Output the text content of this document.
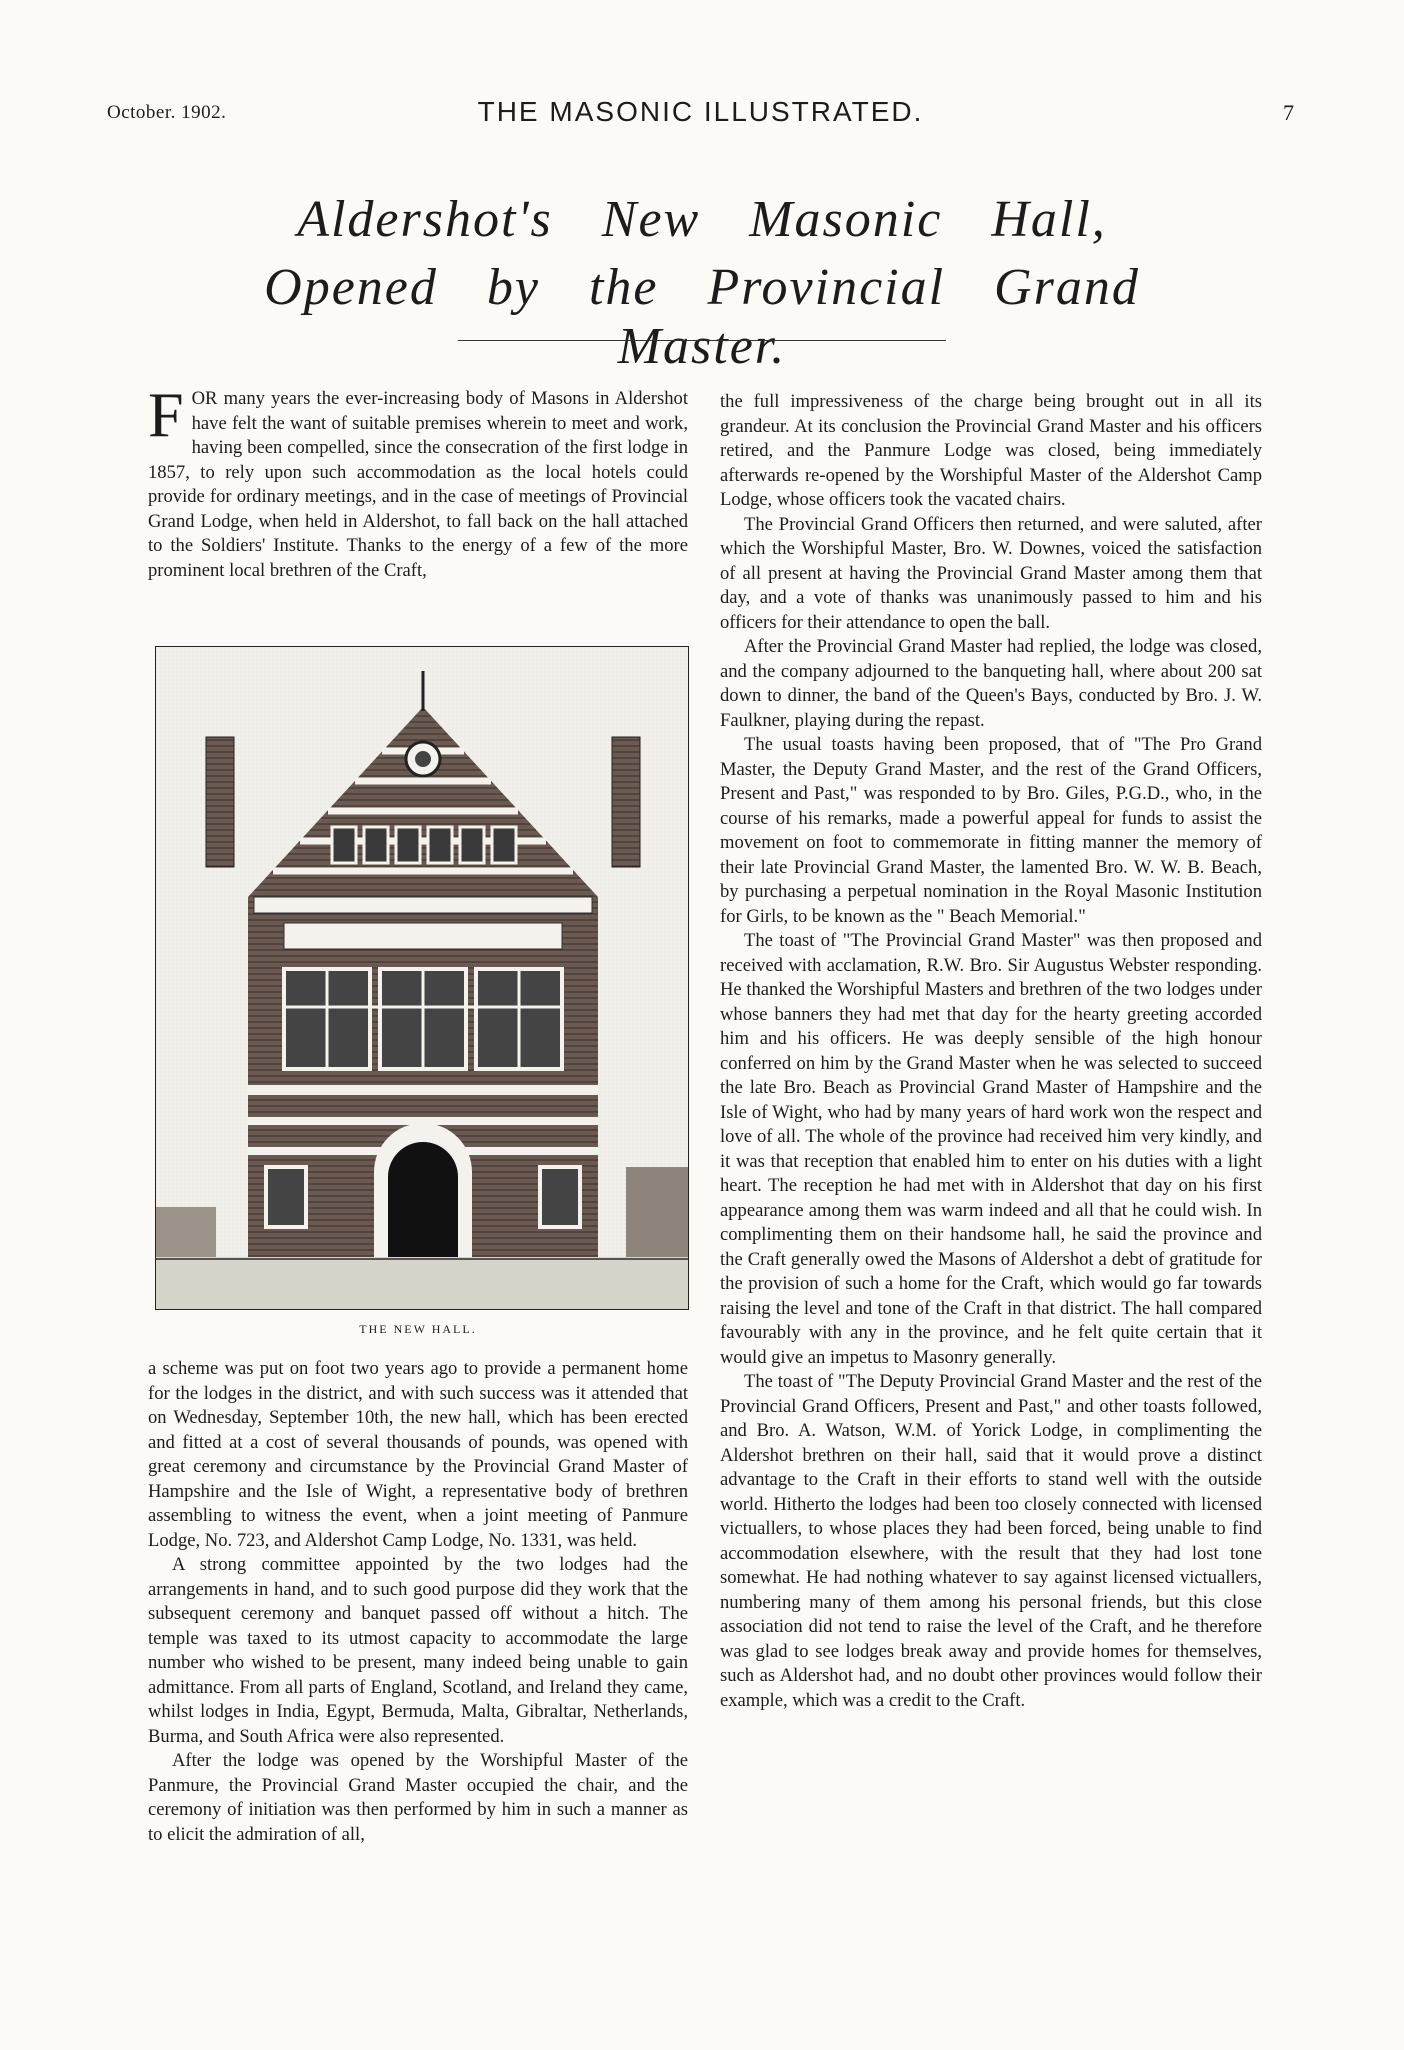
October. 1902.	THE MASONIC ILLUSTRATED.	7
Aldershot's New Masonic Hall,
Opened by the Provincial Grand Master.

FOR many years the ever-increasing body of Masons in Aldershot have felt the want of suitable premises wherein to meet and work, having been compelled, since the consecration of the first lodge in 1857, to rely upon such accommodation as the local hotels could provide for ordinary meetings, and in the case of meetings of Provincial Grand Lodge, when held in Aldershot, to fall back on the hall attached to the Soldiers' Institute. Thanks to the energy of a few of the more prominent local brethren of the Craft,

THE NEW HALL.

a scheme was put on foot two years ago to provide a permanent home for the lodges in the district, and with such success was it attended that on Wednesday, September 10th, the new hall, which has been erected and fitted at a cost of several thousands of pounds, was opened with great ceremony and circumstance by the Provincial Grand Master of Hampshire and the Isle of Wight, a representative body of brethren assembling to witness the event, when a joint meeting of Panmure Lodge, No. 723, and Aldershot Camp Lodge, No. 1331, was held.

A strong committee appointed by the two lodges had the arrangements in hand, and to such good purpose did they work that the subsequent ceremony and banquet passed off without a hitch. The temple was taxed to its utmost capacity to accommodate the large number who wished to be present, many indeed being unable to gain admittance. From all parts of England, Scotland, and Ireland they came, whilst lodges in India, Egypt, Bermuda, Malta, Gibraltar, Netherlands, Burma, and South Africa were also represented.

After the lodge was opened by the Worshipful Master of the Panmure, the Provincial Grand Master occupied the chair, and the ceremony of initiation was then performed by him in such a manner as to elicit the admiration of all,

the full impressiveness of the charge being brought out in all its grandeur. At its conclusion the Provincial Grand Master and his officers retired, and the Panmure Lodge was closed, being immediately afterwards re-opened by the Worshipful Master of the Aldershot Camp Lodge, whose officers took the vacated chairs.

The Provincial Grand Officers then returned, and were saluted, after which the Worshipful Master, Bro. W. Downes, voiced the satisfaction of all present at having the Provincial Grand Master among them that day, and a vote of thanks was unanimously passed to him and his officers for their attendance to open the ball.

After the Provincial Grand Master had replied, the lodge was closed, and the company adjourned to the banqueting hall, where about 200 sat down to dinner, the band of the Queen's Bays, conducted by Bro. J. W. Faulkner, playing during the repast.

The usual toasts having been proposed, that of "The Pro Grand Master, the Deputy Grand Master, and the rest of the Grand Officers, Present and Past," was responded to by Bro. Giles, P.G.D., who, in the course of his remarks, made a powerful appeal for funds to assist the movement on foot to commemorate in fitting manner the memory of their late Provincial Grand Master, the lamented Bro. W. W. B. Beach, by purchasing a perpetual nomination in the Royal Masonic Institution for Girls, to be known as the " Beach Memorial."

The toast of "The Provincial Grand Master" was then proposed and received with acclamation, R.W. Bro. Sir Augustus Webster responding. He thanked the Worshipful Masters and brethren of the two lodges under whose banners they had met that day for the hearty greeting accorded him and his officers. He was deeply sensible of the high honour conferred on him by the Grand Master when he was selected to succeed the late Bro. Beach as Provincial Grand Master of Hampshire and the Isle of Wight, who had by many years of hard work won the respect and love of all. The whole of the province had received him very kindly, and it was that reception that enabled him to enter on his duties with a light heart. The reception he had met with in Aldershot that day on his first appearance among them was warm indeed and all that he could wish. In complimenting them on their handsome hall, he said the province and the Craft generally owed the Masons of Aldershot a debt of gratitude for the provision of such a home for the Craft, which would go far towards raising the level and tone of the Craft in that district. The hall compared favourably with any in the province, and he felt quite certain that it would give an impetus to Masonry generally.

The toast of "The Deputy Provincial Grand Master and the rest of the Provincial Grand Officers, Present and Past," and other toasts followed, and Bro. A. Watson, W.M. of Yorick Lodge, in complimenting the Aldershot brethren on their hall, said that it would prove a distinct advantage to the Craft in their efforts to stand well with the outside world. Hitherto the lodges had been too closely connected with licensed victuallers, to whose places they had been forced, being unable to find accommodation elsewhere, with the result that they had lost tone somewhat. He had nothing whatever to say against licensed victuallers, numbering many of them among his personal friends, but this close association did not tend to raise the level of the Craft, and he therefore was glad to see lodges break away and provide homes for themselves, such as Aldershot had, and no doubt other provinces would follow their example, which was a credit to the Craft.
